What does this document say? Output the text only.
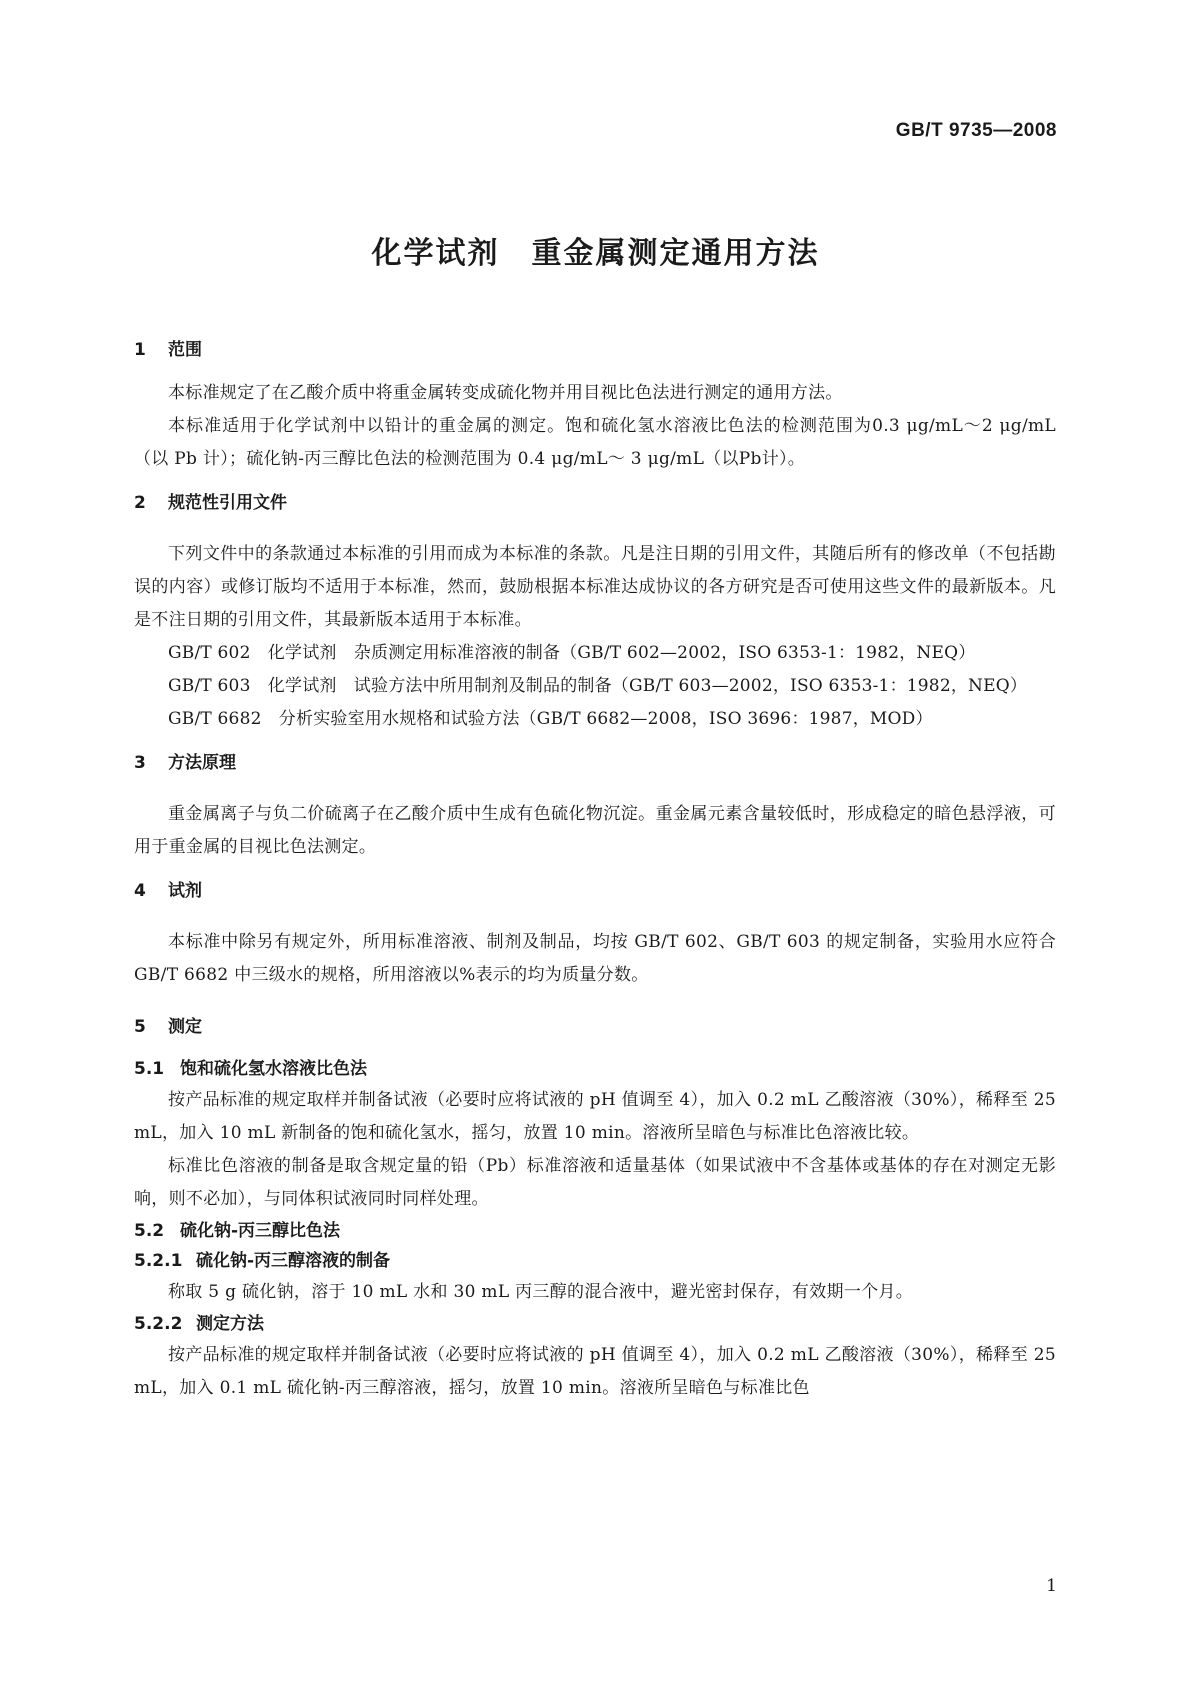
GB/T 9735—2008
化学试剂　重金属测定通用方法
1 范围
本标准规定了在乙酸介质中将重金属转变成硫化物并用目视比色法进行测定的通用方法。
本标准适用于化学试剂中以铅计的重金属的测定。饱和硫化氢水溶液比色法的检测范围为0.3 μg/mL～2 μg/mL（以 Pb 计）；硫化钠-丙三醇比色法的检测范围为 0.4 μg/mL～ 3 μg/mL（以Pb计）。
2 规范性引用文件
下列文件中的条款通过本标准的引用而成为本标准的条款。凡是注日期的引用文件，其随后所有的修改单（不包括勘误的内容）或修订版均不适用于本标准，然而，鼓励根据本标准达成协议的各方研究是否可使用这些文件的最新版本。凡是不注日期的引用文件，其最新版本适用于本标准。
GB/T 602　化学试剂　杂质测定用标准溶液的制备（GB/T 602—2002，ISO 6353-1：1982，NEQ）
GB/T 603　化学试剂　试验方法中所用制剂及制品的制备（GB/T 603—2002，ISO 6353-1：1982，NEQ）
GB/T 6682　分析实验室用水规格和试验方法（GB/T 6682—2008，ISO 3696：1987，MOD）
3 方法原理
重金属离子与负二价硫离子在乙酸介质中生成有色硫化物沉淀。重金属元素含量较低时，形成稳定的暗色悬浮液，可用于重金属的目视比色法测定。
4 试剂
本标准中除另有规定外，所用标准溶液、制剂及制品，均按 GB/T 602、GB/T 603 的规定制备，实验用水应符合 GB/T 6682 中三级水的规格，所用溶液以%表示的均为质量分数。
5 测定
5.1 饱和硫化氢水溶液比色法
按产品标准的规定取样并制备试液（必要时应将试液的 pH 值调至 4），加入 0.2 mL 乙酸溶液（30%），稀释至 25 mL，加入 10 mL 新制备的饱和硫化氢水，摇匀，放置 10 min。溶液所呈暗色与标准比色溶液比较。
标准比色溶液的制备是取含规定量的铅（Pb）标准溶液和适量基体（如果试液中不含基体或基体的存在对测定无影响，则不必加），与同体积试液同时同样处理。
5.2 硫化钠-丙三醇比色法
5.2.1 硫化钠-丙三醇溶液的制备
称取 5 g 硫化钠，溶于 10 mL 水和 30 mL 丙三醇的混合液中，避光密封保存，有效期一个月。
5.2.2 测定方法
按产品标准的规定取样并制备试液（必要时应将试液的 pH 值调至 4），加入 0.2 mL 乙酸溶液（30%），稀释至 25 mL，加入 0.1 mL 硫化钠-丙三醇溶液，摇匀，放置 10 min。溶液所呈暗色与标准比色
1
